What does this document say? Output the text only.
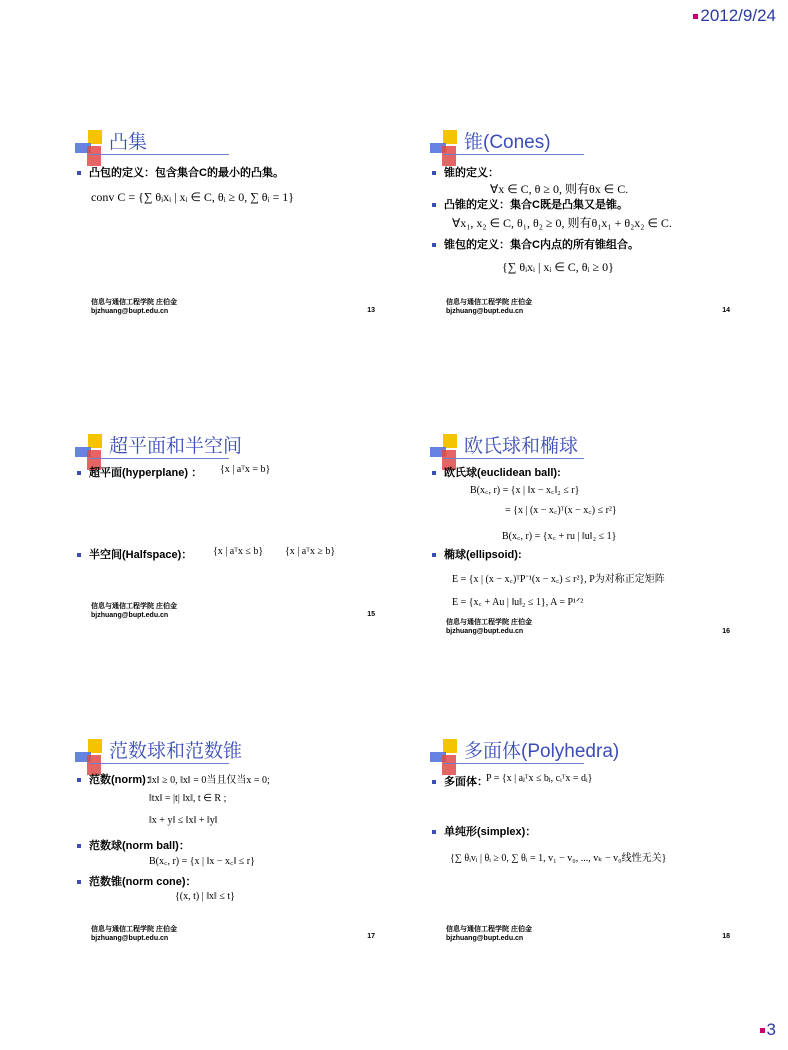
2012/9/24
凸集
凸包的定义：包含集合C的最小的凸集。
conv C = {∑ θᵢxᵢ | xᵢ ∈ C, θᵢ ≥ 0, ∑ θᵢ = 1}
信息与通信工程学院 庄伯金
bjzhuang@bupt.edu.cn	13
锥(Cones)
锥的定义：
∀x ∈ C, θ ≥ 0, 则有θx ∈ C.
凸锥的定义：集合C既是凸集又是锥。
∀x₁, x₂ ∈ C, θ₁, θ₂ ≥ 0, 则有θ₁x₁ + θ₂x₂ ∈ C.
锥包的定义：集合C内点的所有锥组合。
{∑ θᵢxᵢ | xᵢ ∈ C, θᵢ ≥ 0}
信息与通信工程学院 庄伯金
bjzhuang@bupt.edu.cn	14
超平面和半空间
超平面(hyperplane) ： {x | aᵀx = b}
半空间(Halfspace)： {x | aᵀx ≤ b} {x | aᵀx ≥ b}
信息与通信工程学院 庄伯金
bjzhuang@bupt.edu.cn	15
欧氏球和椭球
欧氏球(euclidean ball):
B(x꜀, r) = {x | ‖x − x꜀‖₂ ≤ r}
= {x | (x − x꜀)ᵀ(x − x꜀) ≤ r²}
B(x꜀, r) = {x꜀ + ru | ‖u‖₂ ≤ 1}
椭球(ellipsoid):
E = {x | (x − x꜀)ᵀP⁻¹(x − x꜀) ≤ r²}, P为对称正定矩阵
E = {x꜀ + Au | ‖u‖₂ ≤ 1}, A = P¹ᐟ²
信息与通信工程学院 庄伯金
bjzhuang@bupt.edu.cn	16
范数球和范数锥
范数(norm)：
‖x‖ ≥ 0, ‖x‖ = 0当且仅当x = 0;
‖tx‖ = |t| ‖x‖, t ∈ R ;
‖x + y‖ ≤ ‖x‖ + ‖y‖
范数球(norm ball)：
B(x꜀, r) = {x | ‖x − x꜀‖ ≤ r}
范数锥(norm cone)：
{(x, t) | ‖x‖ ≤ t}
信息与通信工程学院 庄伯金
bjzhuang@bupt.edu.cn	17
多面体(Polyhedra)
多面体：
P = {x | aⱼᵀx ≤ bⱼ, cᵢᵀx = dᵢ}
单纯形(simplex)：
{∑ θᵢvᵢ | θᵢ ≥ 0, ∑ θᵢ = 1, v₁ − v₀, ..., vₖ − v₀线性无关}
信息与通信工程学院 庄伯金
bjzhuang@bupt.edu.cn	18
3
